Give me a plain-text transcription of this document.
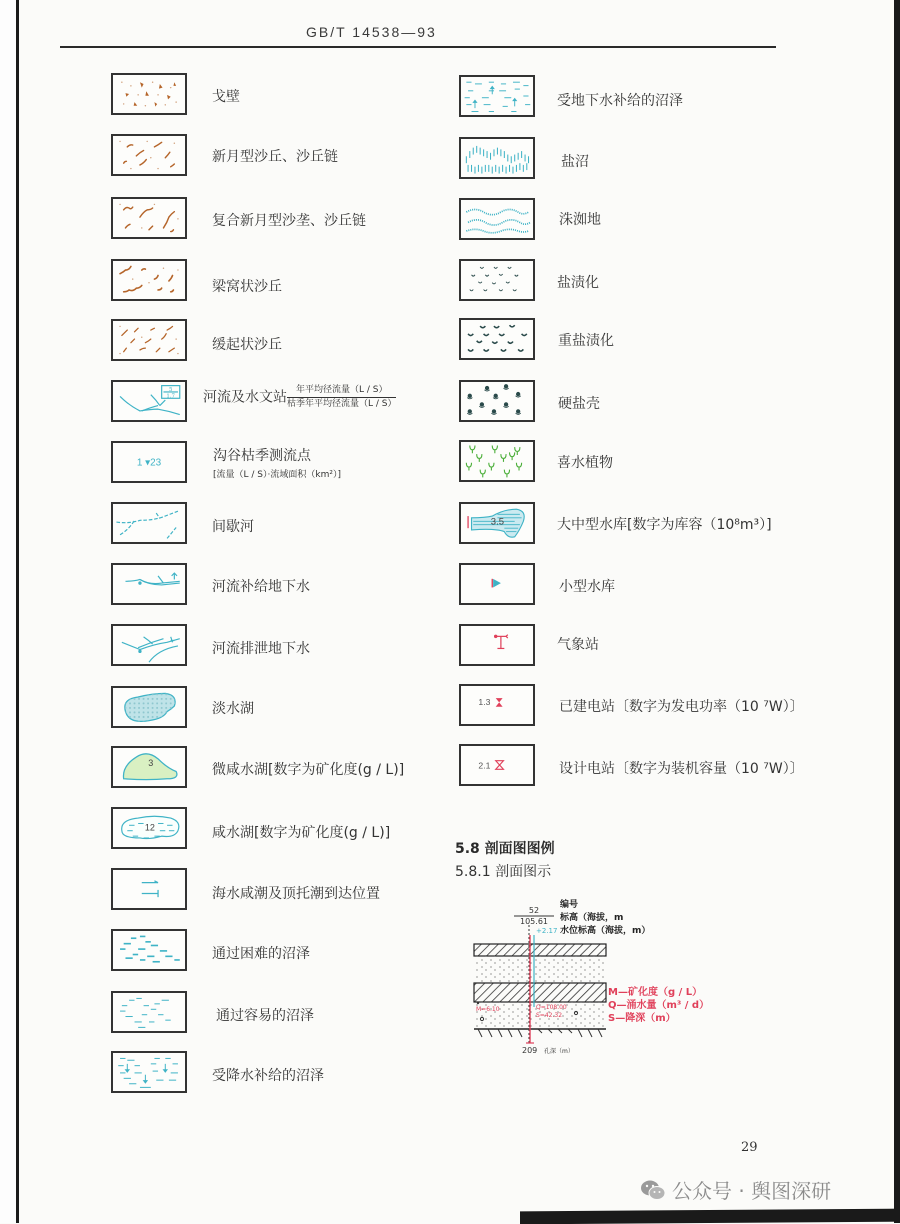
GB/T 14538—93
戈壁
新月型沙丘、沙丘链
复合新月型沙垄、沙丘链
梁窝状沙丘
缓起状沙丘
5
1.7 河流及水文站 $\frac{\text{年平均径流量（L / S）}}{\text{枯季年平均径流量（L / S）}}$
1 ▾23	沟谷枯季测流点
[流量（L / S）·流域面积（km²）]
间歇河
河流补给地下水
河流排泄地下水
淡水湖
3	微咸水湖[数字为矿化度(g / L)]
12	咸水湖[数字为矿化度(g / L)]
海水咸潮及顶托潮到达位置
通过困难的沼泽
通过容易的沼泽
受降水补给的沼泽
受地下水补给的沼泽
盐沼
洙洳地
盐渍化
重盐渍化
硬盐壳
喜水植物
3.5	大中型水库[数字为库容（10⁸m³）]
小型水库
气象站
1.3	已建电站〔数字为发电功率（10 ⁷W）〕
2.1	设计电站〔数字为装机容量（10 ⁷W）〕
5.8 剖面图图例
5.8.1 剖面图示
52
105.61
编号
标高（海拔，m
水位标高（海拔，m）
+2.17
M=6.10	Q=108.00
S=42.32
209 孔深（m）
M—矿化度（g / L）
Q—涌水量（m³ / d）
S—降深（m）
29
公众号 · 舆图深研
